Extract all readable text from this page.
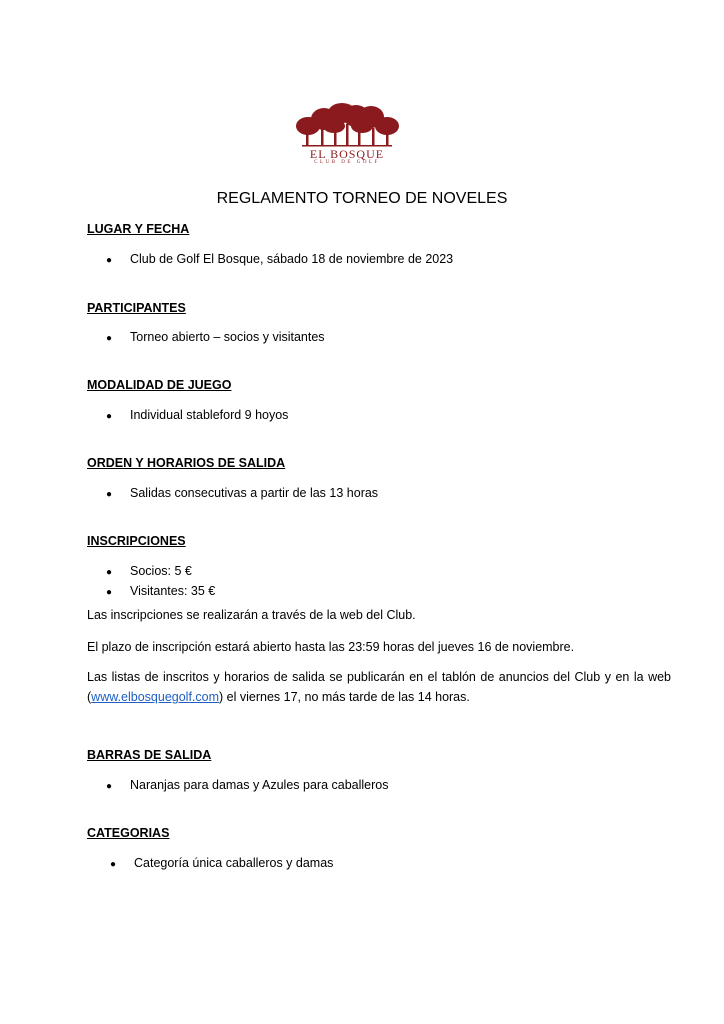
EL BOSQUE
CLUB DE GOLF
REGLAMENTO TORNEO DE NOVELES
LUGAR Y FECHA
● Club de Golf El Bosque, sábado 18 de noviembre de 2023
PARTICIPANTES
● Torneo abierto – socios y visitantes
MODALIDAD DE JUEGO
● Individual stableford 9 hoyos
ORDEN Y HORARIOS DE SALIDA
● Salidas consecutivas a partir de las 13 horas
INSCRIPCIONES
● Socios: 5 €
● Visitantes: 35 €
Las inscripciones se realizarán a través de la web del Club.
El plazo de inscripción estará abierto hasta las 23:59 horas del jueves 16 de noviembre.
Las listas de inscritos y horarios de salida se publicarán en el tablón de anuncios del Club y en la web (www.elbosquegolf.com) el viernes 17, no más tarde de las 14 horas.
BARRAS DE SALIDA
● Naranjas para damas y Azules para caballeros
CATEGORIAS
● Categoría única caballeros y damas
